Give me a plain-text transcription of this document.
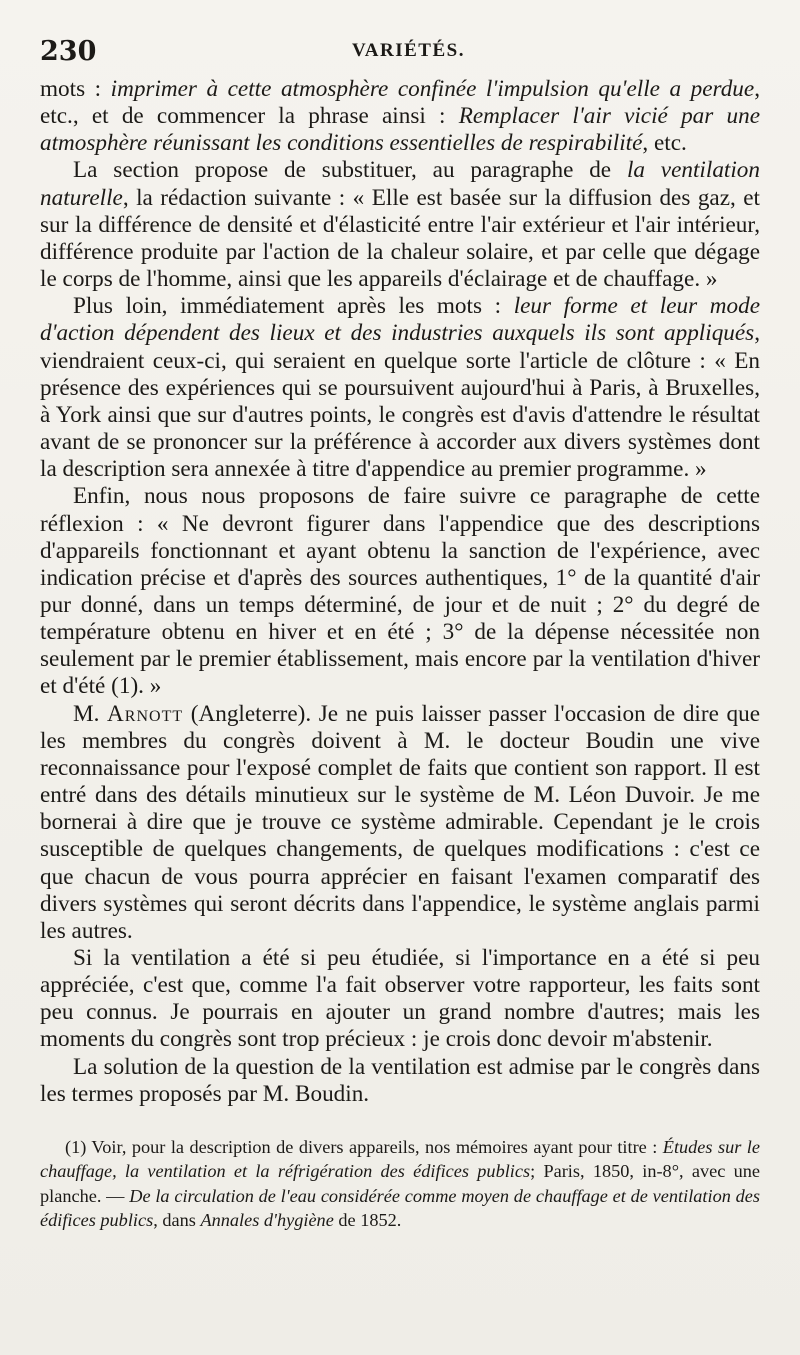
230	VARIÉTÉS.

mots : imprimer à cette atmosphère confinée l'impulsion qu'elle a perdue, etc., et de commencer la phrase ainsi : Remplacer l'air vicié par une atmosphère réunissant les conditions essentielles de respirabilité, etc.

La section propose de substituer, au paragraphe de la ventilation naturelle, la rédaction suivante : « Elle est basée sur la diffusion des gaz, et sur la différence de densité et d'élasticité entre l'air extérieur et l'air intérieur, différence produite par l'action de la chaleur solaire, et par celle que dégage le corps de l'homme, ainsi que les appareils d'éclairage et de chauffage. »

Plus loin, immédiatement après les mots : leur forme et leur mode d'action dépendent des lieux et des industries auxquels ils sont appliqués, viendraient ceux-ci, qui seraient en quelque sorte l'article de clôture : « En présence des expériences qui se poursuivent aujourd'hui à Paris, à Bruxelles, à York ainsi que sur d'autres points, le congrès est d'avis d'attendre le résultat avant de se prononcer sur la préférence à accorder aux divers systèmes dont la description sera annexée à titre d'appendice au premier programme. »

Enfin, nous nous proposons de faire suivre ce paragraphe de cette réflexion : « Ne devront figurer dans l'appendice que des descriptions d'appareils fonctionnant et ayant obtenu la sanction de l'expérience, avec indication précise et d'après des sources authentiques, 1° de la quantité d'air pur donné, dans un temps déterminé, de jour et de nuit ; 2° du degré de température obtenu en hiver et en été ; 3° de la dépense nécessitée non seulement par le premier établissement, mais encore par la ventilation d'hiver et d'été (1). »

M. Arnott (Angleterre). Je ne puis laisser passer l'occasion de dire que les membres du congrès doivent à M. le docteur Boudin une vive reconnaissance pour l'exposé complet de faits que contient son rapport. Il est entré dans des détails minutieux sur le système de M. Léon Duvoir. Je me bornerai à dire que je trouve ce système admirable. Cependant je le crois susceptible de quelques changements, de quelques modifications : c'est ce que chacun de vous pourra apprécier en faisant l'examen comparatif des divers systèmes qui seront décrits dans l'appendice, le système anglais parmi les autres.

Si la ventilation a été si peu étudiée, si l'importance en a été si peu appréciée, c'est que, comme l'a fait observer votre rapporteur, les faits sont peu connus. Je pourrais en ajouter un grand nombre d'autres; mais les moments du congrès sont trop précieux : je crois donc devoir m'abstenir.

La solution de la question de la ventilation est admise par le congrès dans les termes proposés par M. Boudin.

(1) Voir, pour la description de divers appareils, nos mémoires ayant pour titre : Études sur le chauffage, la ventilation et la réfrigération des édifices publics; Paris, 1850, in-8°, avec une planche. — De la circulation de l'eau considérée comme moyen de chauffage et de ventilation des édifices publics, dans Annales d'hygiène de 1852.
